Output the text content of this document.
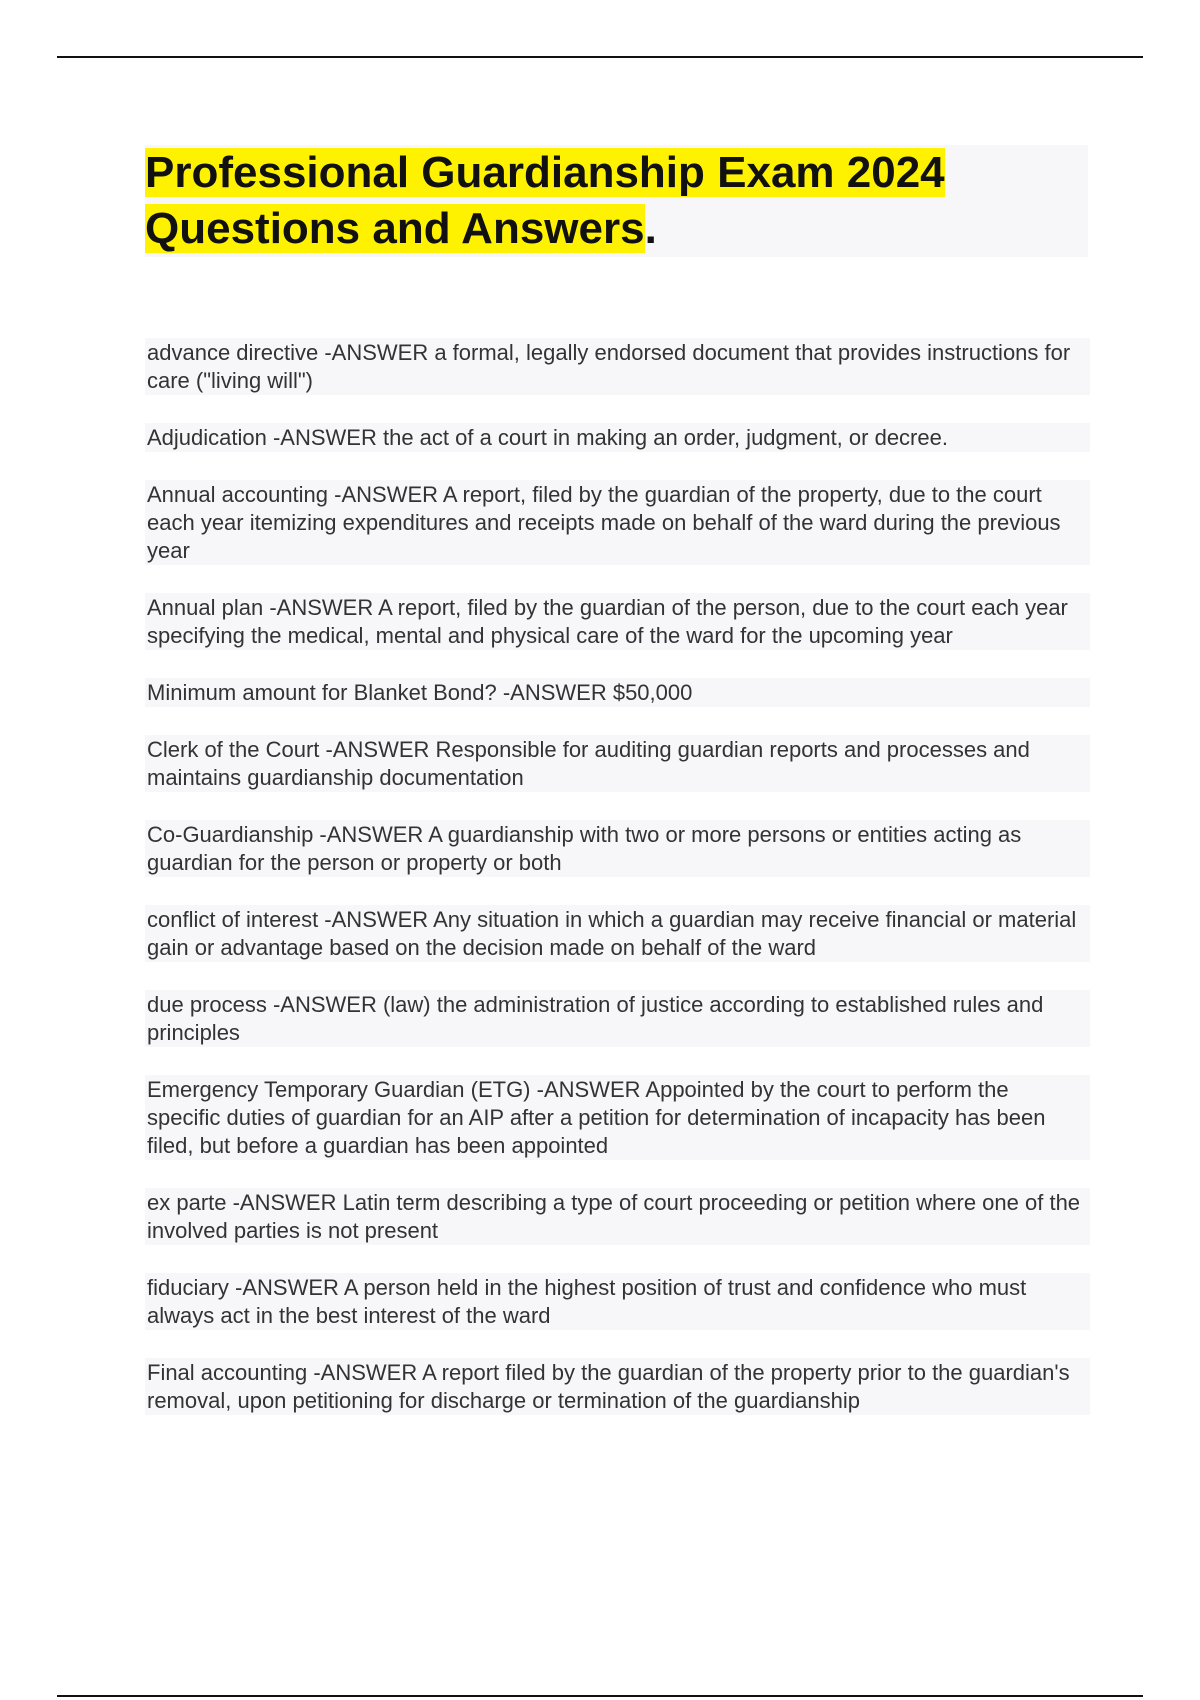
Professional Guardianship Exam 2024 Questions and Answers.

advance directive -ANSWER a formal, legally endorsed document that provides instructions for care ("living will")

Adjudication -ANSWER the act of a court in making an order, judgment, or decree.

Annual accounting -ANSWER A report, filed by the guardian of the property, due to the court each year itemizing expenditures and receipts made on behalf of the ward during the previous year

Annual plan -ANSWER A report, filed by the guardian of the person, due to the court each year specifying the medical, mental and physical care of the ward for the upcoming year

Minimum amount for Blanket Bond? -ANSWER $50,000

Clerk of the Court -ANSWER Responsible for auditing guardian reports and processes and maintains guardianship documentation

Co-Guardianship -ANSWER A guardianship with two or more persons or entities acting as guardian for the person or property or both

conflict of interest -ANSWER Any situation in which a guardian may receive financial or material gain or advantage based on the decision made on behalf of the ward

due process -ANSWER (law) the administration of justice according to established rules and principles

Emergency Temporary Guardian (ETG) -ANSWER Appointed by the court to perform the specific duties of guardian for an AIP after a petition for determination of incapacity has been filed, but before a guardian has been appointed

ex parte -ANSWER Latin term describing a type of court proceeding or petition where one of the involved parties is not present

fiduciary -ANSWER A person held in the highest position of trust and confidence who must always act in the best interest of the ward

Final accounting -ANSWER A report filed by the guardian of the property prior to the guardian's removal, upon petitioning for discharge or termination of the guardianship
